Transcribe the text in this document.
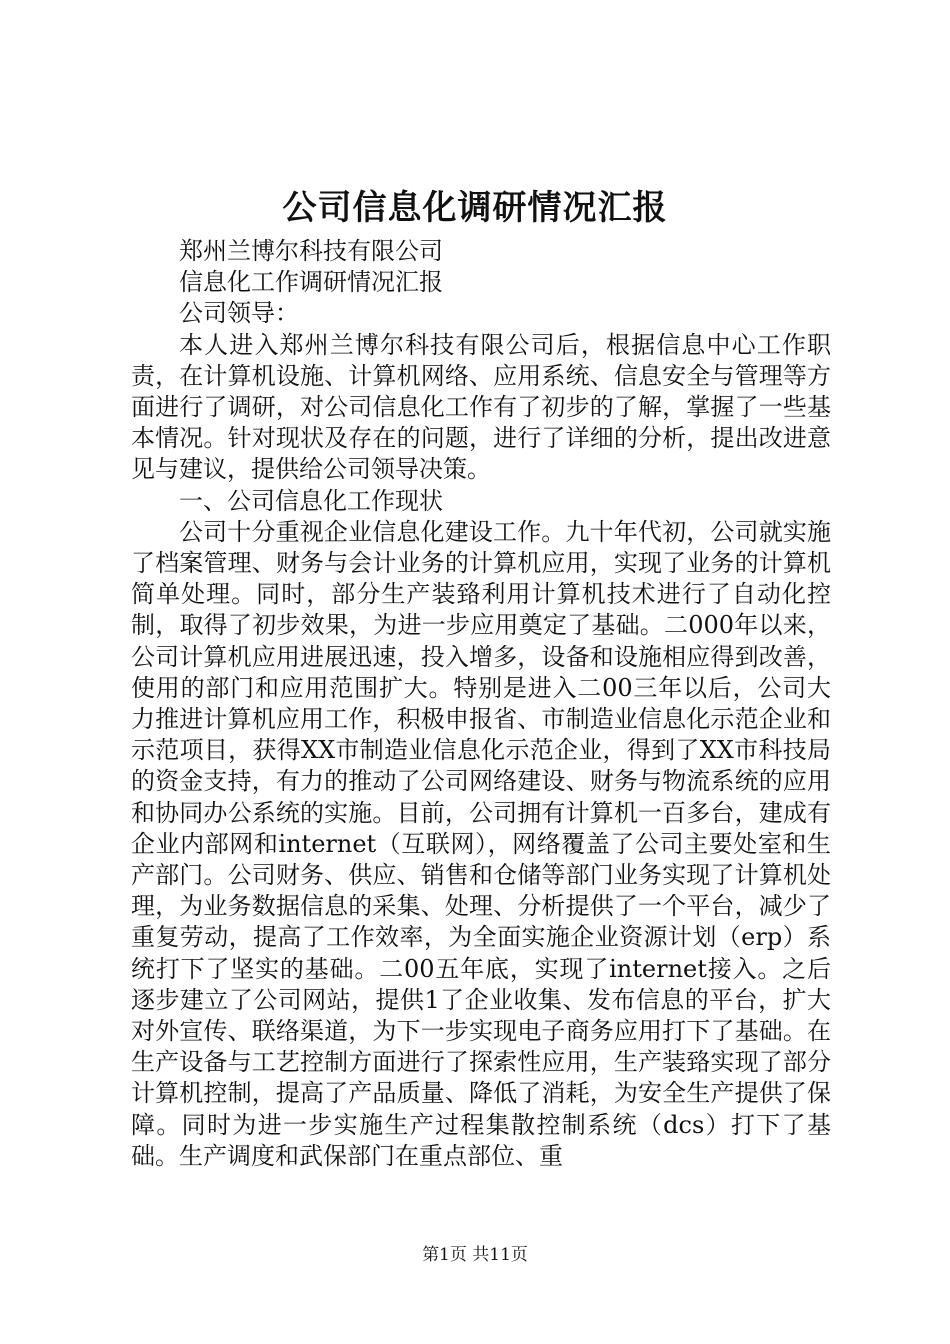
公司信息化调研情况汇报

郑州兰博尔科技有限公司

信息化工作调研情况汇报

公司领导：

本人进入郑州兰博尔科技有限公司后，根据信息中心工作职责，在计算机设施、计算机网络、应用系统、信息安全与管理等方面进行了调研，对公司信息化工作有了初步的了解，掌握了一些基本情况。针对现状及存在的问题，进行了详细的分析，提出改进意见与建议，提供给公司领导决策。

一、公司信息化工作现状

公司十分重视企业信息化建设工作。九十年代初，公司就实施了档案管理、财务与会计业务的计算机应用，实现了业务的计算机简单处理。同时，部分生产装臵利用计算机技术进行了自动化控制，取得了初步效果，为进一步应用奠定了基础。二000年以来，公司计算机应用进展迅速，投入增多，设备和设施相应得到改善，使用的部门和应用范围扩大。特别是进入二00三年以后，公司大力推进计算机应用工作，积极申报省、市制造业信息化示范企业和示范项目，获得XX市制造业信息化示范企业，得到了XX市科技局的资金支持，有力的推动了公司网络建设、财务与物流系统的应用和协同办公系统的实施。目前，公司拥有计算机一百多台，建成有企业内部网和internet（互联网），网络覆盖了公司主要处室和生产部门。公司财务、供应、销售和仓储等部门业务实现了计算机处理，为业务数据信息的采集、处理、分析提供了一个平台，减少了重复劳动，提高了工作效率，为全面实施企业资源计划（erp）系统打下了坚实的基础。二00五年底，实现了internet接入。之后逐步建立了公司网站，提供1了企业收集、发布信息的平台，扩大对外宣传、联络渠道，为下一步实现电子商务应用打下了基础。在生产设备与工艺控制方面进行了探索性应用，生产装臵实现了部分计算机控制，提高了产品质量、降低了消耗，为安全生产提供了保障。同时为进一步实施生产过程集散控制系统（dcs）打下了基础。生产调度和武保部门在重点部位、重

第1页 共11页
